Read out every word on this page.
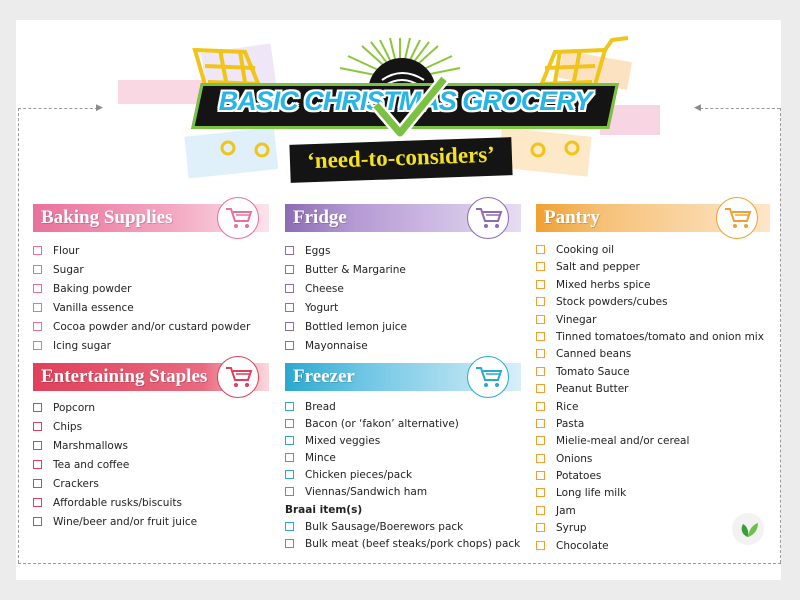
▶	◀
BASIC CHRISTMAS GROCERY
‘need-to-considers’
Baking Supplies
Flour
Sugar
Baking powder
Vanilla essence
Cocoa powder and/or custard powder
Icing sugar
Entertaining Staples
Popcorn
Chips
Marshmallows
Tea and coffee
Crackers
Affordable rusks/biscuits
Wine/beer and/or fruit juice
Fridge
Eggs
Butter & Margarine
Cheese
Yogurt
Bottled lemon juice
Mayonnaise
Freezer
Bread
Bacon (or ‘fakon’ alternative)
Mixed veggies
Mince
Chicken pieces/pack
Viennas/Sandwich ham
Braai item(s)
Bulk Sausage/Boerewors pack
Bulk meat (beef steaks/pork chops) pack
Pantry
Cooking oil
Salt and pepper
Mixed herbs spice
Stock powders/cubes
Vinegar
Tinned tomatoes/tomato and onion mix
Canned beans
Tomato Sauce
Peanut Butter
Rice
Pasta
Mielie-meal and/or cereal
Onions
Potatoes
Long life milk
Jam
Syrup
Chocolate
